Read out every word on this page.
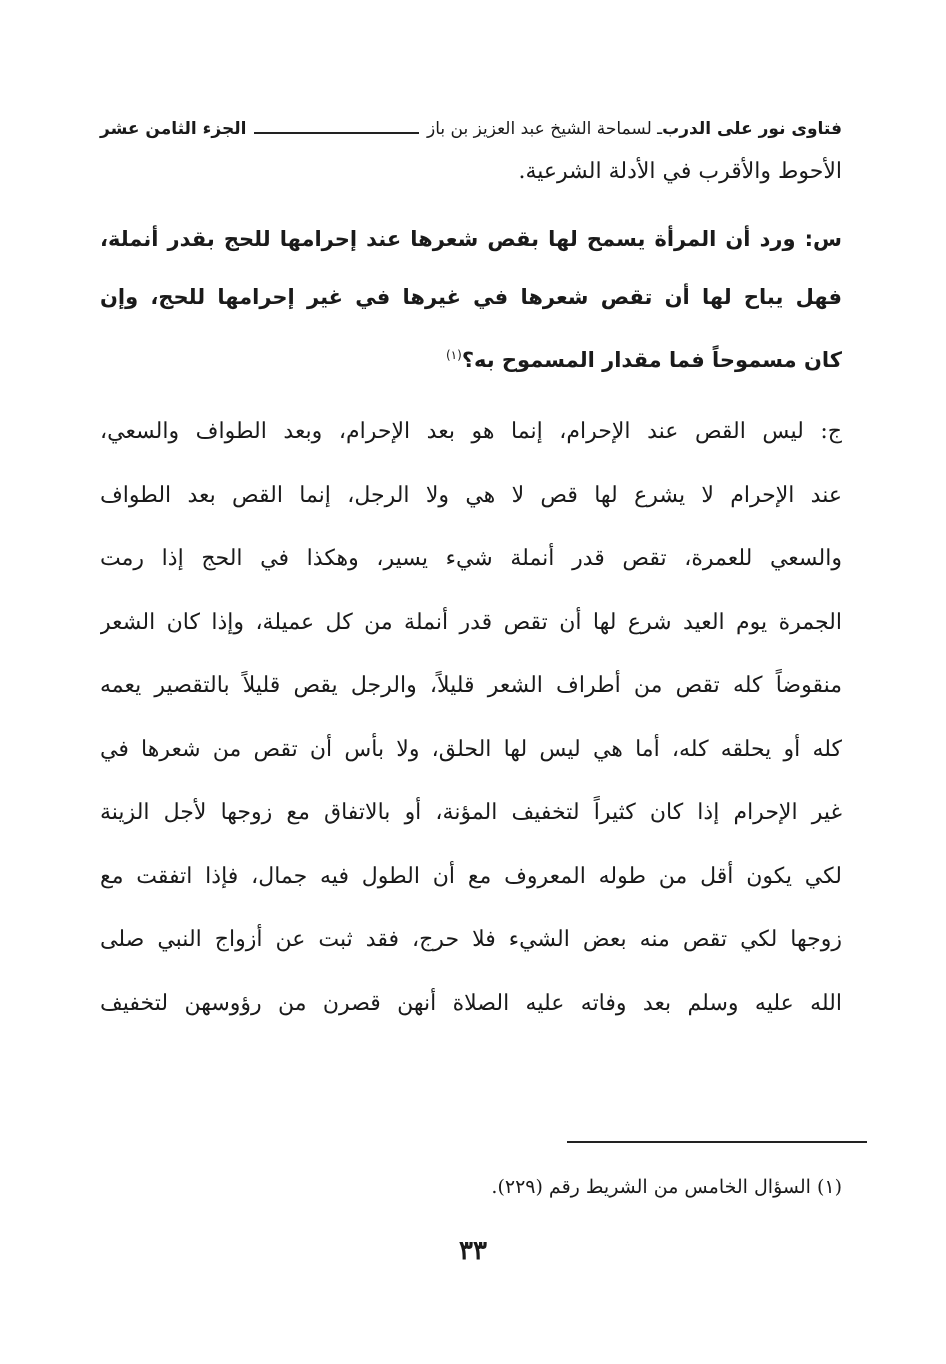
فتاوى نور على الدرب
ـ لسماحة الشيخ عبد العزيز بن باز
الجزء الثامن عشر
الأحوط والأقرب في الأدلة الشرعية.
س: ورد أن المرأة يسمح لها بقص شعرها عند إحرامها للحج بقدر أنملة،
فهل يباح لها أن تقص شعرها في غيرها في غير إحرامها للحج، وإن
كان مسموحاً فما مقدار المسموح به؟$^{(١)}$
ج: ليس القص عند الإحرام، إنما هو بعد الإحرام، وبعد الطواف والسعي،
عند الإحرام لا يشرع لها قص لا هي ولا الرجل، إنما القص بعد الطواف
والسعي للعمرة، تقص قدر أنملة شيء يسير، وهكذا في الحج إذا رمت
الجمرة يوم العيد شرع لها أن تقص قدر أنملة من كل عميلة، وإذا كان الشعر
منقوضاً كله تقص من أطراف الشعر قليلاً، والرجل يقص قليلاً بالتقصير يعمه
كله أو يحلقه كله، أما هي ليس لها الحلق، ولا بأس أن تقص من شعرها في
غير الإحرام إذا كان كثيراً لتخفيف المؤنة، أو بالاتفاق مع زوجها لأجل الزينة
لكي يكون أقل من طوله المعروف مع أن الطول فيه جمال، فإذا اتفقت مع
زوجها لكي تقص منه بعض الشيء فلا حرج، فقد ثبت عن أزواج النبي صلى
الله عليه وسلم بعد وفاته عليه الصلاة أنهن قصرن من رؤوسهن لتخفيف
(١) السؤال الخامس من الشريط رقم (٢٢٩).
٣٣
